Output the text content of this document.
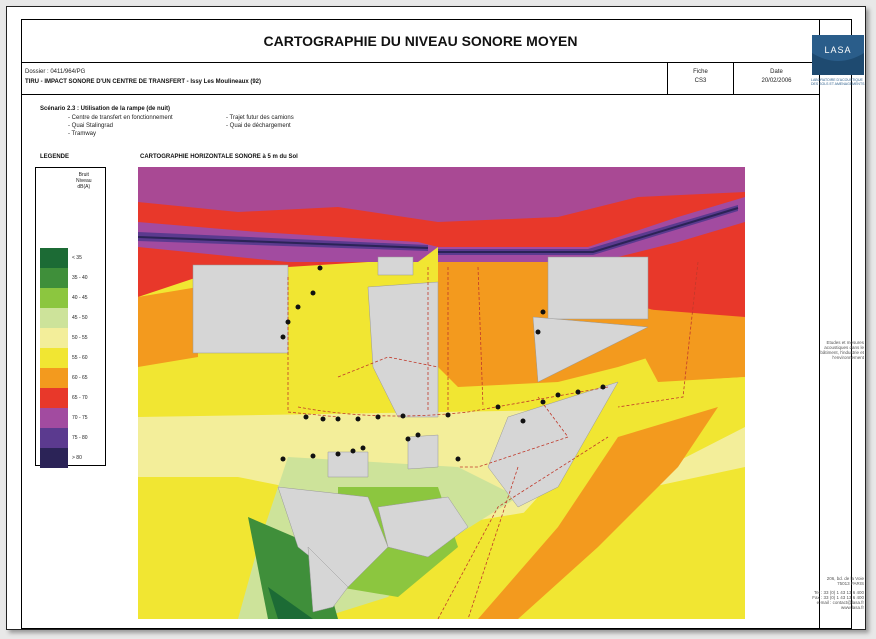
CARTOGRAPHIE DU NIVEAU SONORE MOYEN
Dossier : 0411/964/PG
TIRU - IMPACT SONORE D'UN CENTRE DE TRANSFERT - Issy Les Moulineaux (92)
Fiche
CS3
Date
20/02/2006
Scénario 2.3 : Utilisation de la rampe (de nuit)
- Centre de transfert en fonctionnement
- Quai Stalingrad
- Tramway
- Trajet futur des camions
- Quai de déchargement
LEGENDE	CARTOGRAPHIE HORIZONTALE SONORE à 5 m du Sol
Bruit
Niveau
dB(A)
< 35
35 - 40
40 - 45
45 - 50
50 - 55
55 - 60
60 - 65
65 - 70
70 - 75
75 - 80
> 80
LASA
LABORATOIRE D'ACOUSTIQUE
DES SOLS ET AMENAGEMENTS
Etudes et mesures
acoustiques dans le
bâtiment, l'industrie et
l'environnement
206, bd. de la Voie
75013 PARIS
Tel : 33 (0) 1 43 13 6 400
Fax : 33 (0) 1 43 13 6 400
e-mail : contact@lasa.fr
www.lasa.fr
